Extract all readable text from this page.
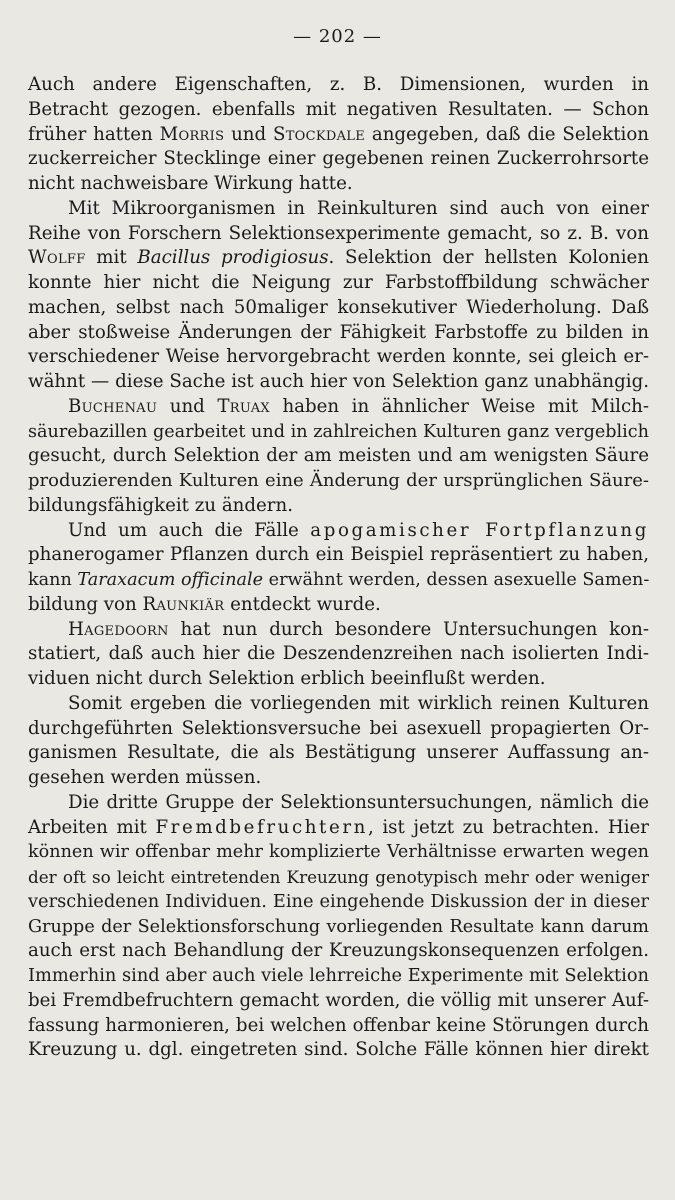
— 202 —
Auch andere Eigenschaften, z. B. Dimensionen, wurden in
Betracht gezogen. ebenfalls mit negativen Resultaten. — Schon
früher hatten Morris und Stockdale angegeben, daß die Selektion
zuckerreicher Stecklinge einer gegebenen reinen Zuckerrohrsorte
nicht nachweisbare Wirkung hatte.
Mit Mikroorganismen in Reinkulturen sind auch von einer
Reihe von Forschern Selektionsexperimente gemacht, so z. B. von
Wolff mit Bacillus prodigiosus. Selektion der hellsten Kolonien
konnte hier nicht die Neigung zur Farbstoffbildung schwächer
machen, selbst nach 50maliger konsekutiver Wiederholung. Daß
aber stoßweise Änderungen der Fähigkeit Farbstoffe zu bilden in
verschiedener Weise hervorgebracht werden konnte, sei gleich er-
wähnt — diese Sache ist auch hier von Selektion ganz unabhängig.
Buchenau und Truax haben in ähnlicher Weise mit Milch-
säurebazillen gearbeitet und in zahlreichen Kulturen ganz vergeblich
gesucht, durch Selektion der am meisten und am wenigsten Säure
produzierenden Kulturen eine Änderung der ursprünglichen Säure-
bildungsfähigkeit zu ändern.
Und um auch die Fälle apogamischer Fortpflanzung
phanerogamer Pflanzen durch ein Beispiel repräsentiert zu haben,
kann Taraxacum officinale erwähnt werden, dessen asexuelle Samen-
bildung von Raunkiär entdeckt wurde.
Hagedoorn hat nun durch besondere Untersuchungen kon-
statiert, daß auch hier die Deszendenzreihen nach isolierten Indi-
viduen nicht durch Selektion erblich beeinflußt werden.
Somit ergeben die vorliegenden mit wirklich reinen Kulturen
durchgeführten Selektionsversuche bei asexuell propagierten Or-
ganismen Resultate, die als Bestätigung unserer Auffassung an-
gesehen werden müssen.
Die dritte Gruppe der Selektionsuntersuchungen, nämlich die
Arbeiten mit Fremdbefruchtern, ist jetzt zu betrachten. Hier
können wir offenbar mehr komplizierte Verhältnisse erwarten wegen
der oft so leicht eintretenden Kreuzung genotypisch mehr oder weniger
verschiedenen Individuen. Eine eingehende Diskussion der in dieser
Gruppe der Selektionsforschung vorliegenden Resultate kann darum
auch erst nach Behandlung der Kreuzungskonsequenzen erfolgen.
Immerhin sind aber auch viele lehrreiche Experimente mit Selektion
bei Fremdbefruchtern gemacht worden, die völlig mit unserer Auf-
fassung harmonieren, bei welchen offenbar keine Störungen durch
Kreuzung u. dgl. eingetreten sind. Solche Fälle können hier direkt
